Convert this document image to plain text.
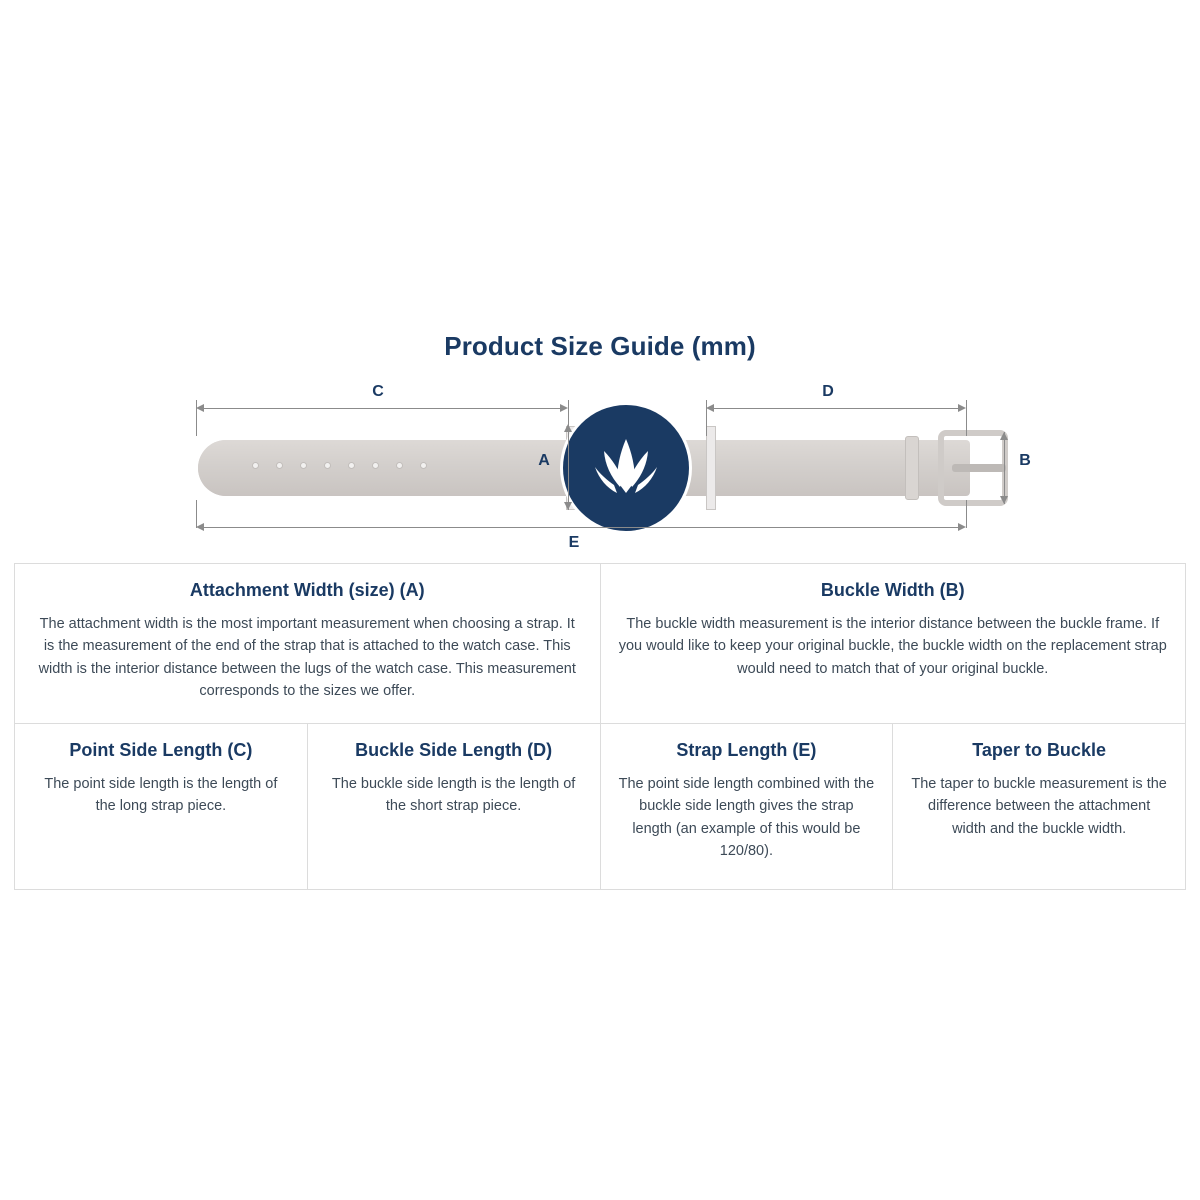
Product Size Guide (mm)
C	D
A	B
E
Attachment Width (size) (A)
The attachment width is the most important measurement when choosing a strap. It is the measurement of the end of the strap that is attached to the watch case. This width is the interior distance between the lugs of the watch case. This measurement corresponds to the sizes we offer.

Buckle Width (B)
The buckle width measurement is the interior distance between the buckle frame. If you would like to keep your original buckle, the buckle width on the replacement strap would need to match that of your original buckle.

Point Side Length (C)
The point side length is the length of the long strap piece.

Buckle Side Length (D)
The buckle side length is the length of the short strap piece.

Strap Length (E)
The point side length combined with the buckle side length gives the strap length (an example of this would be 120/80).

Taper to Buckle
The taper to buckle measurement is the difference between the attachment width and the buckle width.
